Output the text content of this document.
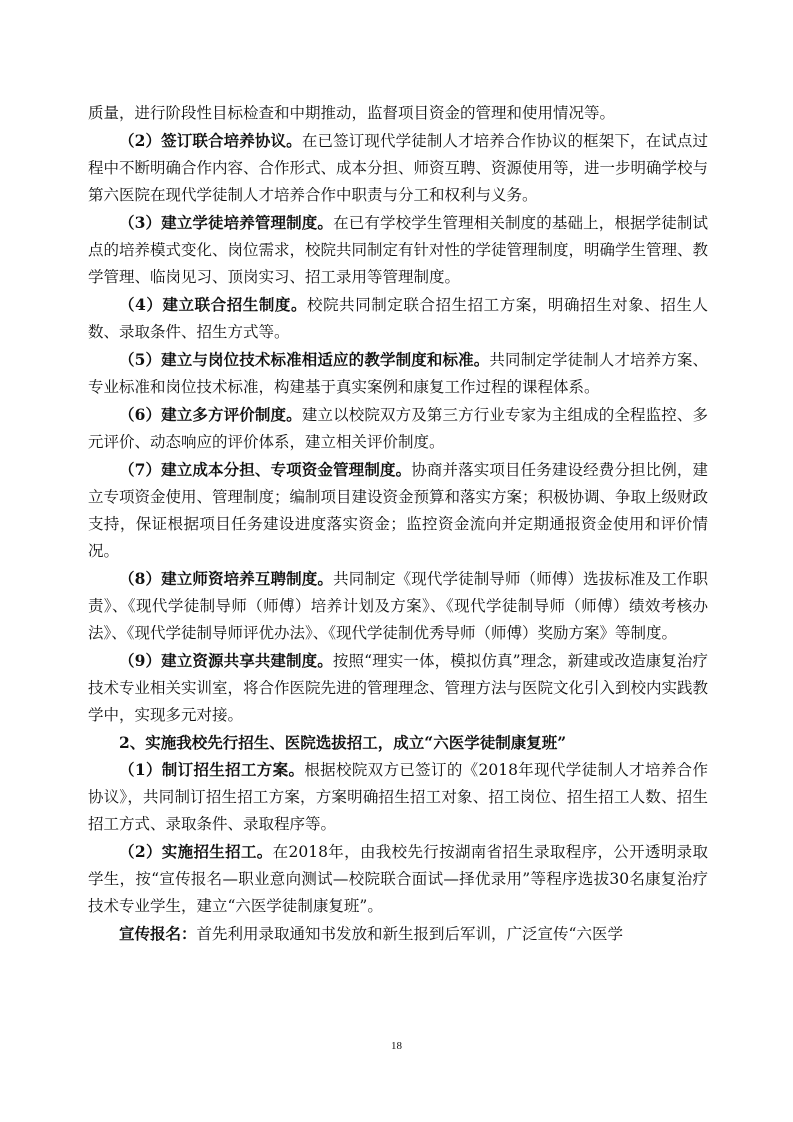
质量，进行阶段性目标检查和中期推动，监督项目资金的管理和使用情况等。

（2）签订联合培养协议。在已签订现代学徒制人才培养合作协议的框架下，在试点过程中不断明确合作内容、合作形式、成本分担、师资互聘、资源使用等，进一步明确学校与第六医院在现代学徒制人才培养合作中职责与分工和权利与义务。

（3）建立学徒培养管理制度。在已有学校学生管理相关制度的基础上，根据学徒制试点的培养模式变化、岗位需求，校院共同制定有针对性的学徒管理制度，明确学生管理、教学管理、临岗见习、顶岗实习、招工录用等管理制度。

（4）建立联合招生制度。校院共同制定联合招生招工方案，明确招生对象、招生人数、录取条件、招生方式等。

（5）建立与岗位技术标准相适应的教学制度和标准。共同制定学徒制人才培养方案、专业标准和岗位技术标准，构建基于真实案例和康复工作过程的课程体系。

（6）建立多方评价制度。建立以校院双方及第三方行业专家为主组成的全程监控、多元评价、动态响应的评价体系，建立相关评价制度。

（7）建立成本分担、专项资金管理制度。协商并落实项目任务建设经费分担比例，建立专项资金使用、管理制度；编制项目建设资金预算和落实方案；积极协调、争取上级财政支持，保证根据项目任务建设进度落实资金；监控资金流向并定期通报资金使用和评价情况。

（8）建立师资培养互聘制度。共同制定《现代学徒制导师（师傅）选拔标准及工作职责》、《现代学徒制导师（师傅）培养计划及方案》、《现代学徒制导师（师傅）绩效考核办法》、《现代学徒制导师评优办法》、《现代学徒制优秀导师（师傅）奖励方案》等制度。

（9）建立资源共享共建制度。按照“理实一体，模拟仿真”理念，新建或改造康复治疗技术专业相关实训室，将合作医院先进的管理理念、管理方法与医院文化引入到校内实践教学中，实现多元对接。

2、实施我校先行招生、医院选拔招工，成立“六医学徒制康复班”

（1）制订招生招工方案。根据校院双方已签订的《2018年现代学徒制人才培养合作协议》，共同制订招生招工方案，方案明确招生招工对象、招工岗位、招生招工人数、招生招工方式、录取条件、录取程序等。

（2）实施招生招工。在2018年，由我校先行按湖南省招生录取程序，公开透明录取学生，按“宣传报名—职业意向测试—校院联合面试—择优录用”等程序选拔30名康复治疗技术专业学生，建立“六医学徒制康复班”。

宣传报名：首先利用录取通知书发放和新生报到后军训，广泛宣传“六医学

18
